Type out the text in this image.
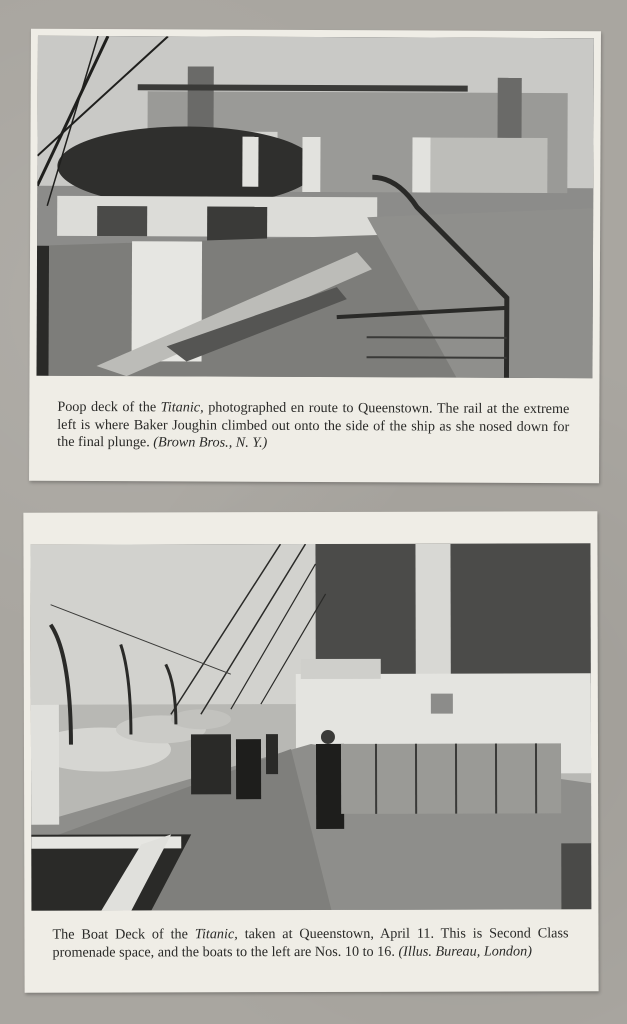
Poop deck of the Titanic, photographed en route to Queenstown. The rail at the extreme left is where Baker Joughin climbed out onto the side of the ship as she nosed down for the final plunge. (Brown Bros., N. Y.)
The Boat Deck of the Titanic, taken at Queenstown, April 11. This is Second Class promenade space, and the boats to the left are Nos. 10 to 16. (Illus. Bureau, London)
